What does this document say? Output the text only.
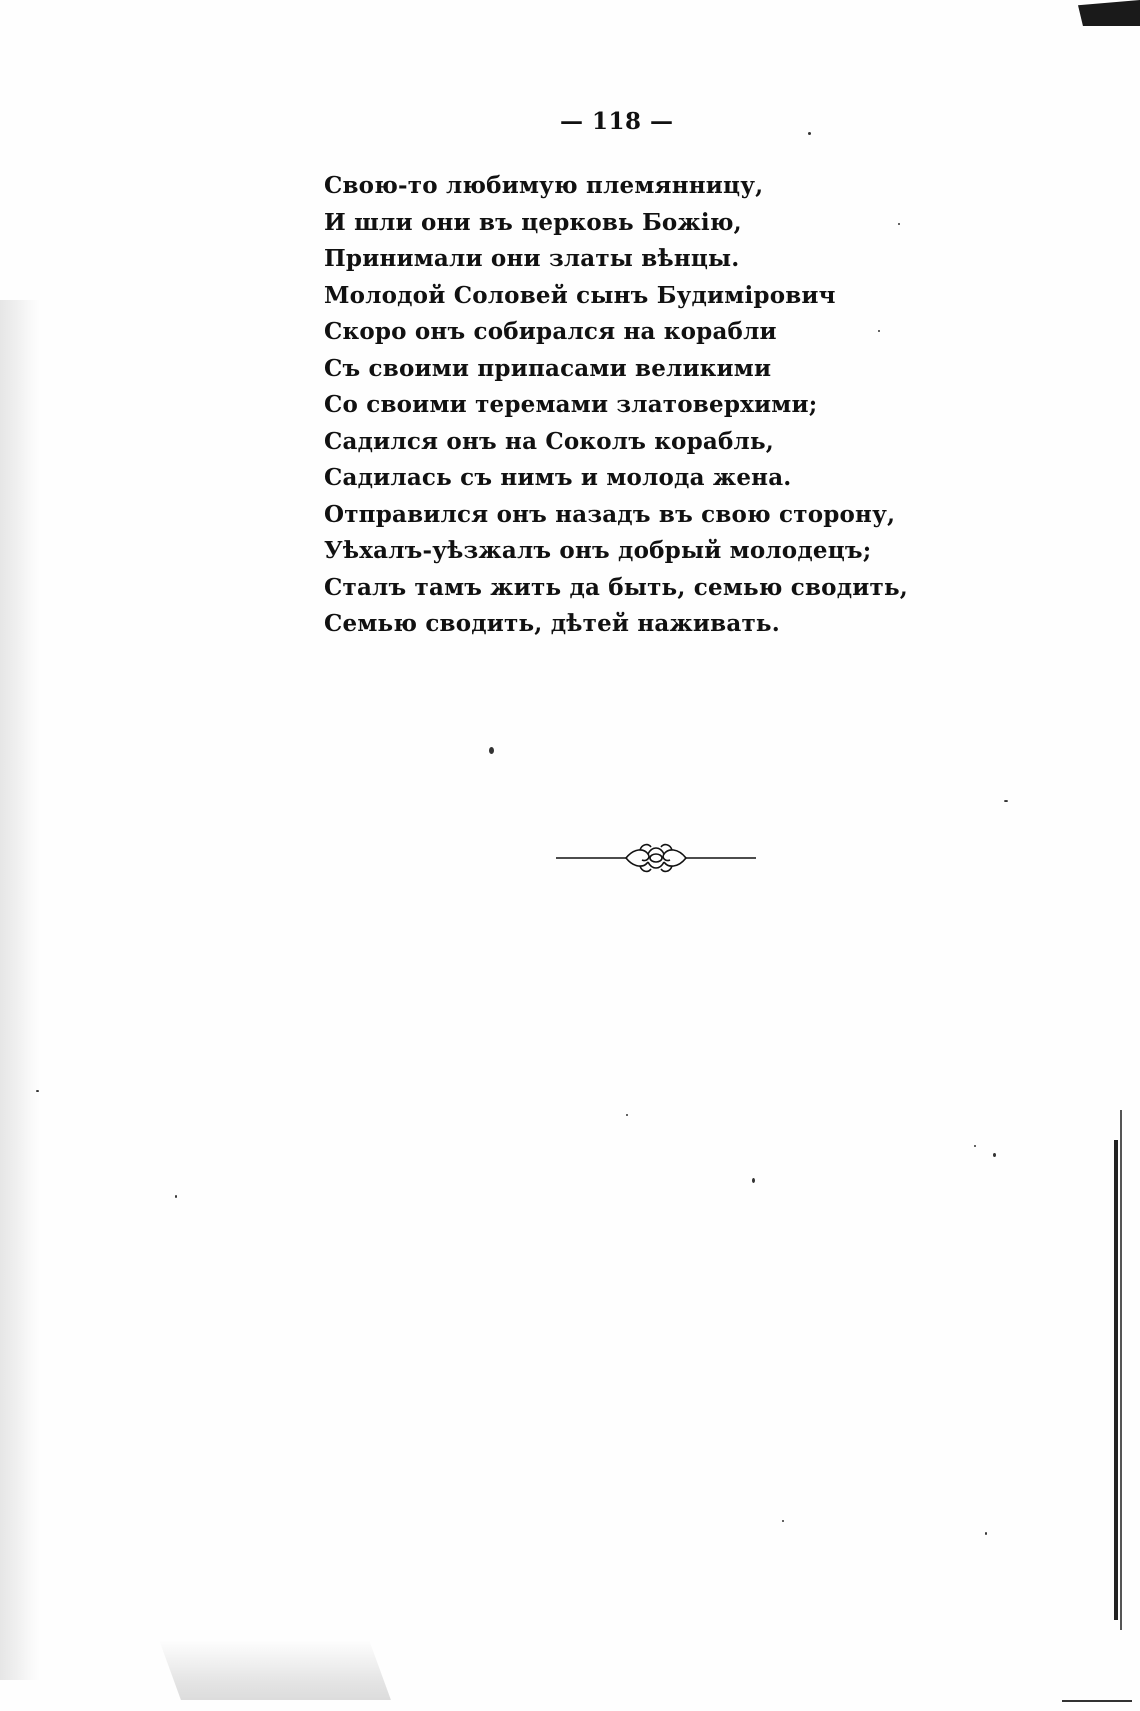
— 118 —
Свою-то любимую племянницу,
И шли они въ церковь Божію,
Принимали они златы вѣнцы.
Молодой Соловей сынъ Будимірович
Скоро онъ собирался на корабли
Съ своими припасами великими
Со своими теремами златоверхими;
Садился онъ на Соколъ корабль,
Садилась съ нимъ и молода жена.
Отправился онъ назадъ въ свою сторону,
Уѣхалъ-уѣзжалъ онъ добрый молодецъ;
Сталъ тамъ жить да быть, семью сводить,
Семью сводить, дѣтей наживать.
